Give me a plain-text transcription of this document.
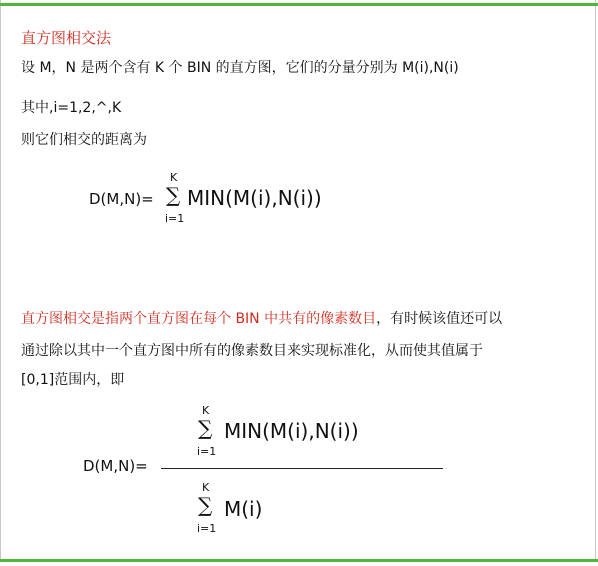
直方图相交法
设 M，N 是两个含有 K 个 BIN 的直方图，它们的分量分别为 M(i),N(i)
其中,i=1,2,^,K
则它们相交的距离为
D(M,N)=
K
∑
i=1
MIN(M(i),N(i))
直方图相交是指两个直方图在每个 BIN 中共有的像素数目，有时候该值还可以
通过除以其中一个直方图中所有的像素数目来实现标准化，从而使其值属于
[0,1]范围内，即
D(M,N)=
K
∑
i=1
MIN(M(i),N(i))
K
∑
i=1
M(i)
